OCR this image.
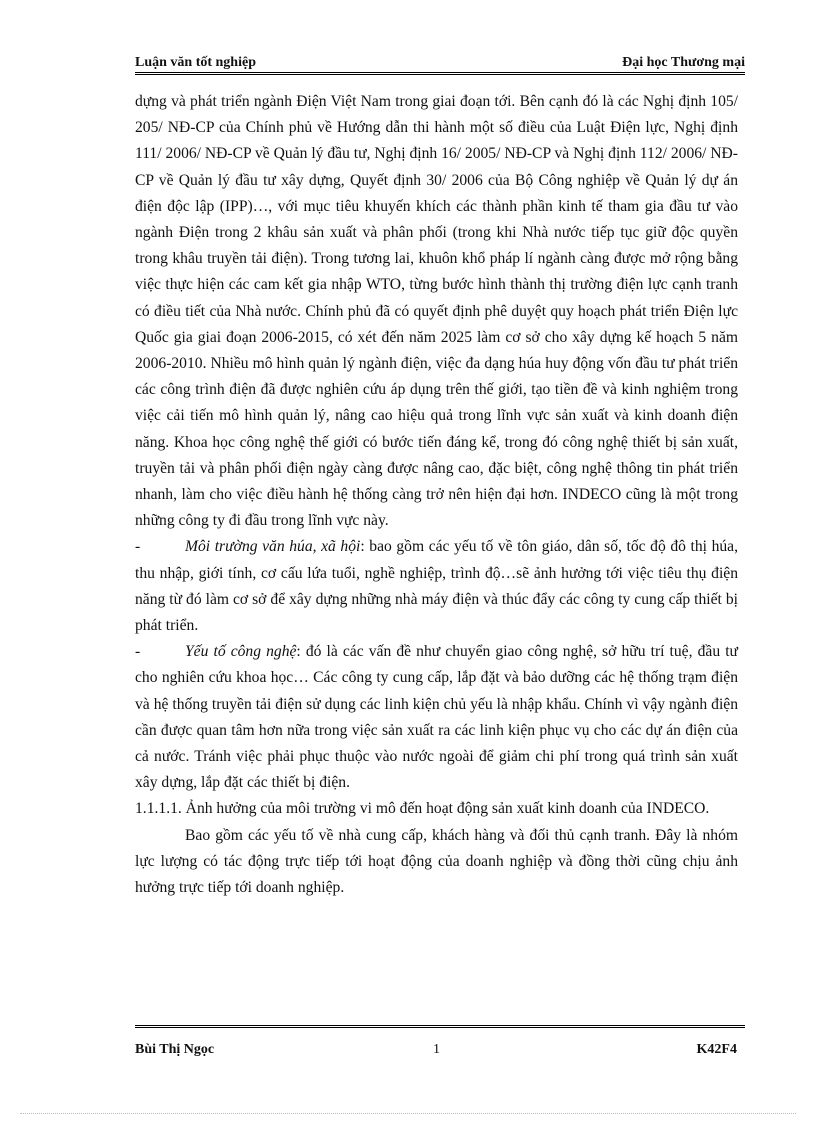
Luận văn tốt nghiệp	Đại học Thương mại

dựng và phát triển ngành Điện Việt Nam trong giai đoạn tới. Bên cạnh đó là các Nghị định 105/ 205/ NĐ-CP của Chính phủ về Hướng dẫn thi hành một số điều của Luật Điện lực, Nghị định 111/ 2006/ NĐ-CP về Quản lý đầu tư, Nghị định 16/ 2005/ NĐ-CP và Nghị định 112/ 2006/ NĐ-CP về Quản lý đầu tư xây dựng, Quyết định 30/ 2006 của Bộ Công nghiệp về Quản lý dự án điện độc lập (IPP)…, với mục tiêu khuyến khích các thành phần kinh tế tham gia đầu tư vào ngành Điện trong 2 khâu sản xuất và phân phối (trong khi Nhà nước tiếp tục giữ độc quyền trong khâu truyền tải điện). Trong tương lai, khuôn khổ pháp lí ngành càng được mở rộng bằng việc thực hiện các cam kết gia nhập WTO, từng bước hình thành thị trường điện lực cạnh tranh có điều tiết của Nhà nước. Chính phủ đã có quyết định phê duyệt quy hoạch phát triển Điện lực Quốc gia giai đoạn 2006-2015, có xét đến năm 2025 làm cơ sở cho xây dựng kế hoạch 5 năm 2006-2010. Nhiều mô hình quản lý ngành điện, việc đa dạng húa huy động vốn đầu tư phát triển các công trình điện đã được nghiên cứu áp dụng trên thế giới, tạo tiền đề và kinh nghiệm trong việc cải tiến mô hình quản lý, nâng cao hiệu quả trong lĩnh vực sản xuất và kinh doanh điện năng. Khoa học công nghệ thế giới có bước tiến đáng kể, trong đó công nghệ thiết bị sản xuất, truyền tải và phân phối điện ngày càng được nâng cao, đặc biệt, công nghệ thông tin phát triển nhanh, làm cho việc điều hành hệ thống càng trở nên hiện đại hơn. INDECO cũng là một trong những công ty đi đầu trong lĩnh vực này.

-	Môi trường văn húa, xã hội: bao gồm các yếu tố về tôn giáo, dân số, tốc độ đô thị húa, thu nhập, giới tính, cơ cấu lứa tuổi, nghề nghiệp, trình độ…sẽ ảnh hưởng tới việc tiêu thụ điện năng từ đó làm cơ sở để xây dựng những nhà máy điện và thúc đẩy các công ty cung cấp thiết bị phát triển.

-	Yếu tố công nghệ: đó là các vấn đề như chuyển giao công nghệ, sở hữu trí tuệ, đầu tư cho nghiên cứu khoa học… Các công ty cung cấp, lắp đặt và bảo dưỡng các hệ thống trạm điện và hệ thống truyền tải điện sử dụng các linh kiện chủ yếu là nhập khẩu. Chính vì vậy ngành điện cần được quan tâm hơn nữa trong việc sản xuất ra các linh kiện phục vụ cho các dự án điện của cả nước. Tránh việc phải phục thuộc vào nước ngoài để giảm chi phí trong quá trình sản xuất xây dựng, lắp đặt các thiết bị điện.

1.1.1.1. Ảnh hưởng của môi trường vi mô đến hoạt động sản xuất kinh doanh của INDECO.

Bao gồm các yếu tố về nhà cung cấp, khách hàng và đối thủ cạnh tranh. Đây là nhóm lực lượng có tác động trực tiếp tới hoạt động của doanh nghiệp và đồng thời cũng chịu ảnh hưởng trực tiếp tới doanh nghiệp.

Bùi Thị Ngọc	1	K42F4
